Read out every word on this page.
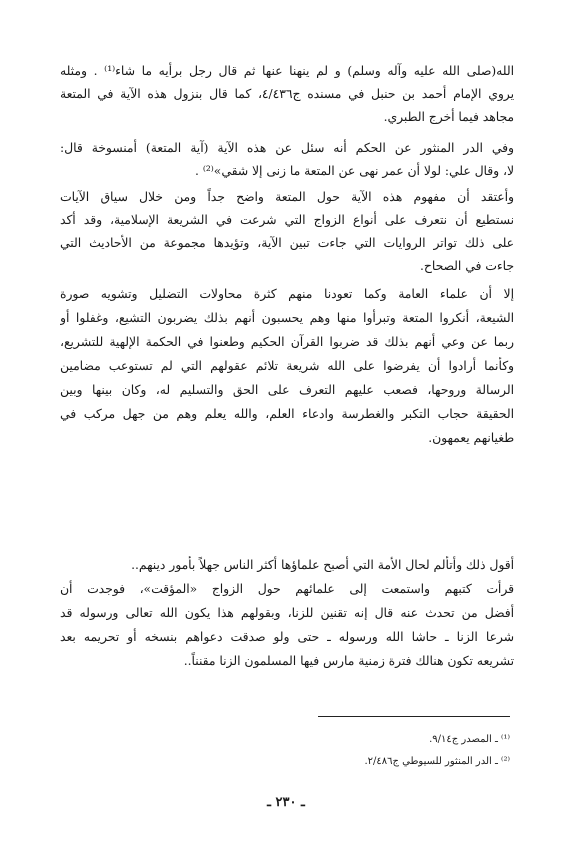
الله(صلى الله عليه وآله وسلم) و لم ينهنا عنها ثم قال رجل برأيه ما شاء⁽¹⁾ . ومثله
يروي الإمام أحمد بن حنبل في مسنده ج٤/٤٣٦، كما قال بنزول هذه الآية في المتعة
مجاهد فيما أخرج الطبري.
وفي الدر المنثور عن الحكم أنه سئل عن هذه الآية (آية المتعة) أمنسوخة قال:
لا، وقال علي: لولا أن عمر نهى عن المتعة ما زنى إلا شقي»⁽²⁾ .
وأعتقد أن مفهوم هذه الآية حول المتعة واضح جداً ومن خلال سياق الآيات
نستطيع أن نتعرف على أنواع الزواج التي شرعت في الشريعة الإسلامية، وقد أكد
على ذلك تواتر الروايات التي جاءت تبين الآية، وتؤيدها مجموعة من الأحاديث التي
جاءت في الصحاح.
إلا أن علماء العامة وكما تعودنا منهم كثرة محاولات التضليل وتشويه صورة
الشيعة، أنكروا المتعة وتبرأوا منها وهم يحسبون أنهم بذلك يضربون التشيع، وغفلوا أو
ربما عن وعي أنهم بذلك قد ضربوا القرآن الحكيم وطعنوا في الحكمة الإلهية للتشريع،
وكأنما أرادوا أن يفرضوا على الله شريعة تلائم عقولهم التي لم تستوعب مضامين
الرسالة وروحها، فصعب عليهم التعرف على الحق والتسليم له، وكان بينها وبين
الحقيقة حجاب التكبر والغطرسة وادعاء العلم، والله يعلم وهم من جهل مركب في
طغيانهم يعمهون.
أقول ذلك وأتألم لحال الأمة التي أصبح علماؤها أكثر الناس جهلاً بأمور دينهم..
قرأت كتبهم واستمعت إلى علمائهم حول الزواج «المؤقت»، فوجدت أن
أفضل من تحدث عنه قال إنه تقنين للزنا، وبقولهم هذا يكون الله تعالى ورسوله قد
شرعا الزنا ـ حاشا الله ورسوله ـ حتى ولو صدقت دعواهم بنسخه أو تحريمه بعد
تشريعه تكون هنالك فترة زمنية مارس فيها المسلمون الزنا مقنناً..
⁽¹⁾ ـ المصدر ج٩/١٤.
⁽²⁾ ـ الدر المنثور للسيوطي ج٢/٤٨٦.
ـ ٢٣٠ ـ
